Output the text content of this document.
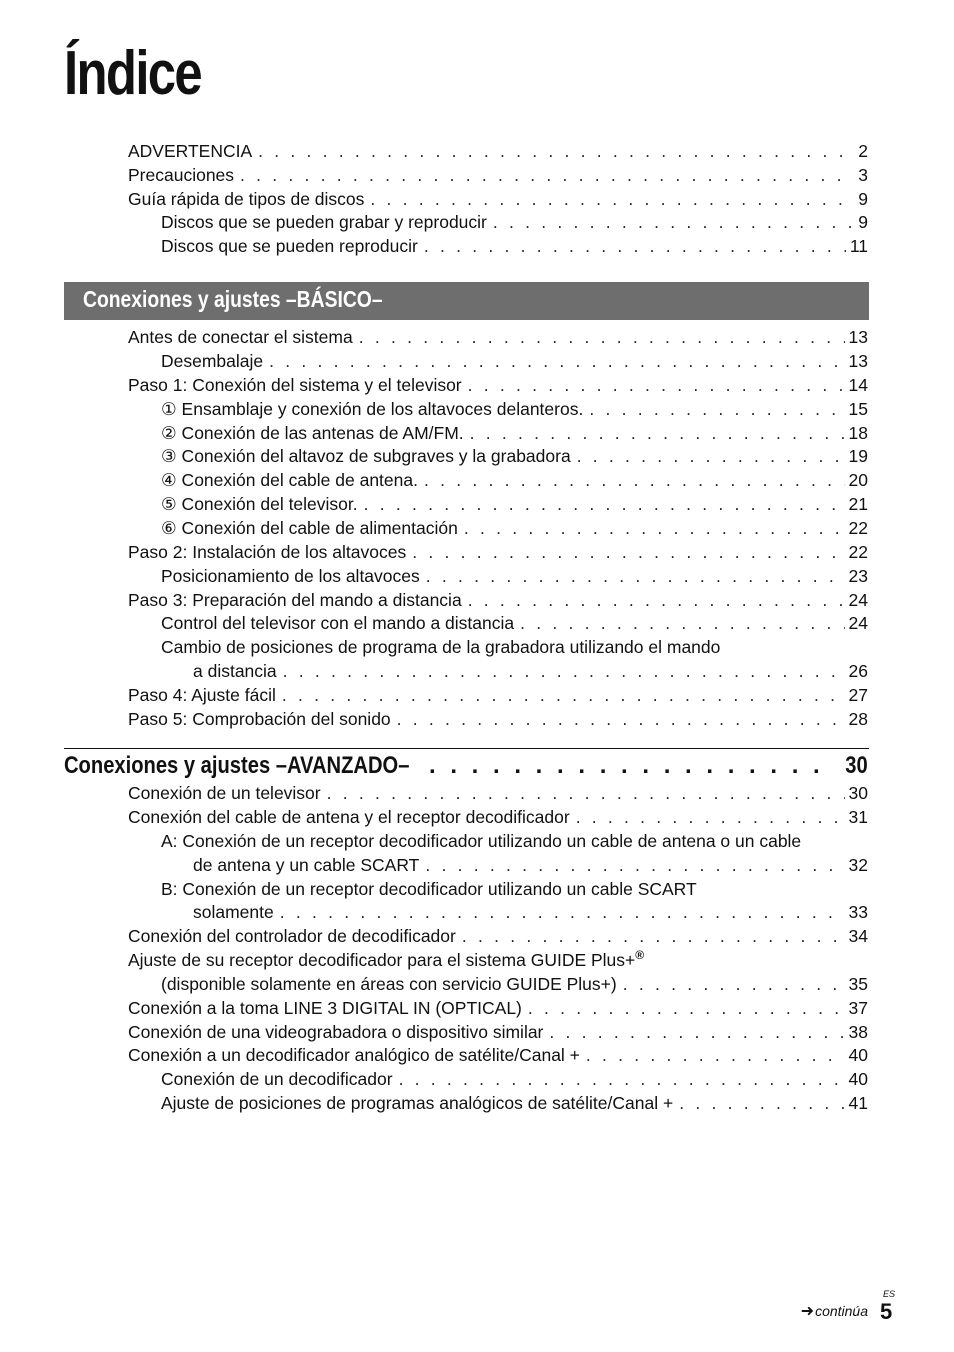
Índice
ADVERTENCIA . . .	2
Precauciones . . .	3
Guía rápida de tipos de discos . . .	9
Discos que se pueden grabar y reproducir . . .	9
Discos que se pueden reproducir . . .	11
Conexiones y ajustes –BÁSICO–
Antes de conectar el sistema . . .	13
Desembalaje . . .	13
Paso 1: Conexión del sistema y el televisor . . .	14
① Ensamblaje y conexión de los altavoces delanteros. . . .	15
② Conexión de las antenas de AM/FM. . . .	18
③ Conexión del altavoz de subgraves y la grabadora . . .	19
④ Conexión del cable de antena. . . .	20
⑤ Conexión del televisor. . . .	21
⑥ Conexión del cable de alimentación . . .	22
Paso 2: Instalación de los altavoces . . .	22
Posicionamiento de los altavoces . . .	23
Paso 3: Preparación del mando a distancia . . .	24
Control del televisor con el mando a distancia . . .	24
Cambio de posiciones de programa de la grabadora utilizando el mando
a distancia . . .	26
Paso 4: Ajuste fácil . . .	27
Paso 5: Comprobación del sonido . . .	28
Conexiones y ajustes –AVANZADO– . . .	30
Conexión de un televisor . . .	30
Conexión del cable de antena y el receptor decodificador . . .	31
A: Conexión de un receptor decodificador utilizando un cable de antena o un cable
de antena y un cable SCART . . .	32
B: Conexión de un receptor decodificador utilizando un cable SCART
solamente . . .	33
Conexión del controlador de decodificador . . .	34
Ajuste de su receptor decodificador para el sistema GUIDE Plus+®
(disponible solamente en áreas con servicio GUIDE Plus+) . . .	35
Conexión a la toma LINE 3 DIGITAL IN (OPTICAL) . . .	37
Conexión de una videograbadora o dispositivo similar . . .	38
Conexión a un decodificador analógico de satélite/Canal + . . .	40
Conexión de un decodificador . . .	40
Ajuste de posiciones de programas analógicos de satélite/Canal + . . .	41
➜continúa
ES
5
